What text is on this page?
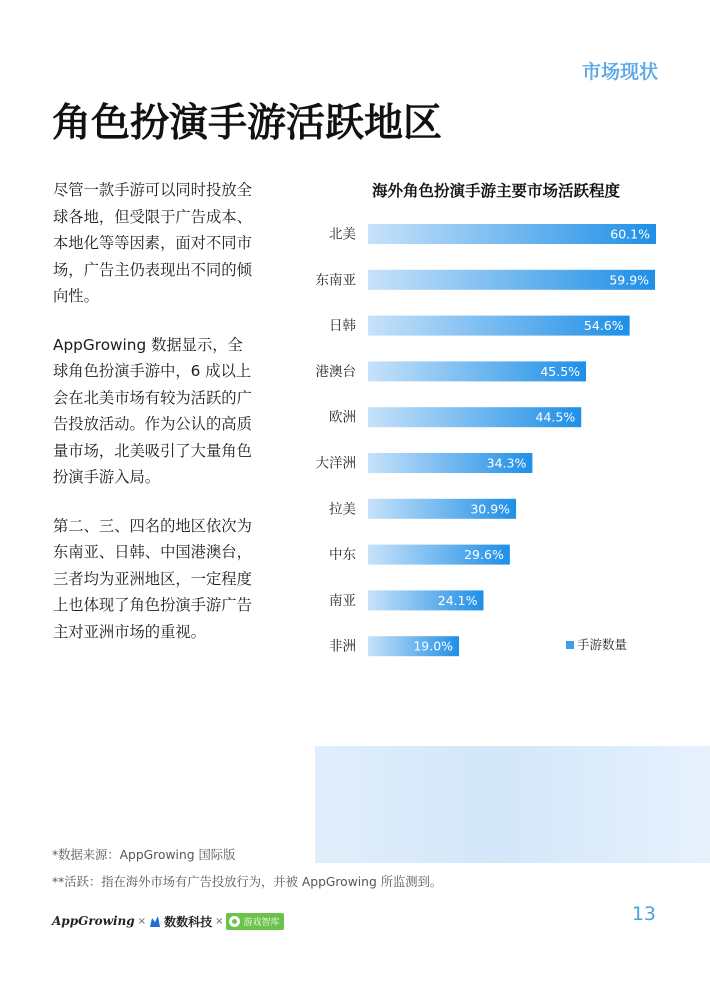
市场现状
角色扮演手游活跃地区

尽管一款手游可以同时投放全球各地，但受限于广告成本、本地化等等因素，面对不同市场，广告主仍表现出不同的倾向性。

AppGrowing 数据显示，全球角色扮演手游中，6 成以上会在北美市场有较为活跃的广告投放活动。作为公认的高质量市场，北美吸引了大量角色扮演手游入局。

第二、三、四名的地区依次为东南亚、日韩、中国港澳台，三者均为亚洲地区，一定程度上也体现了角色扮演手游广告主对亚洲市场的重视。

海外角色扮演手游主要市场活跃程度
北美	60.1%
东南亚	59.9%
日韩	54.6%
港澳台	45.5%
欧洲	44.5%
大洋洲	34.3%
拉美	30.9%
中东	29.6%
南亚	24.1%
非洲	19.0%	手游数量
*数据来源：AppGrowing 国际版
**活跃：指在海外市场有广告投放行为，并被 AppGrowing 所监测到。
AppGrowing × 数数科技 × 游戏智库	13
